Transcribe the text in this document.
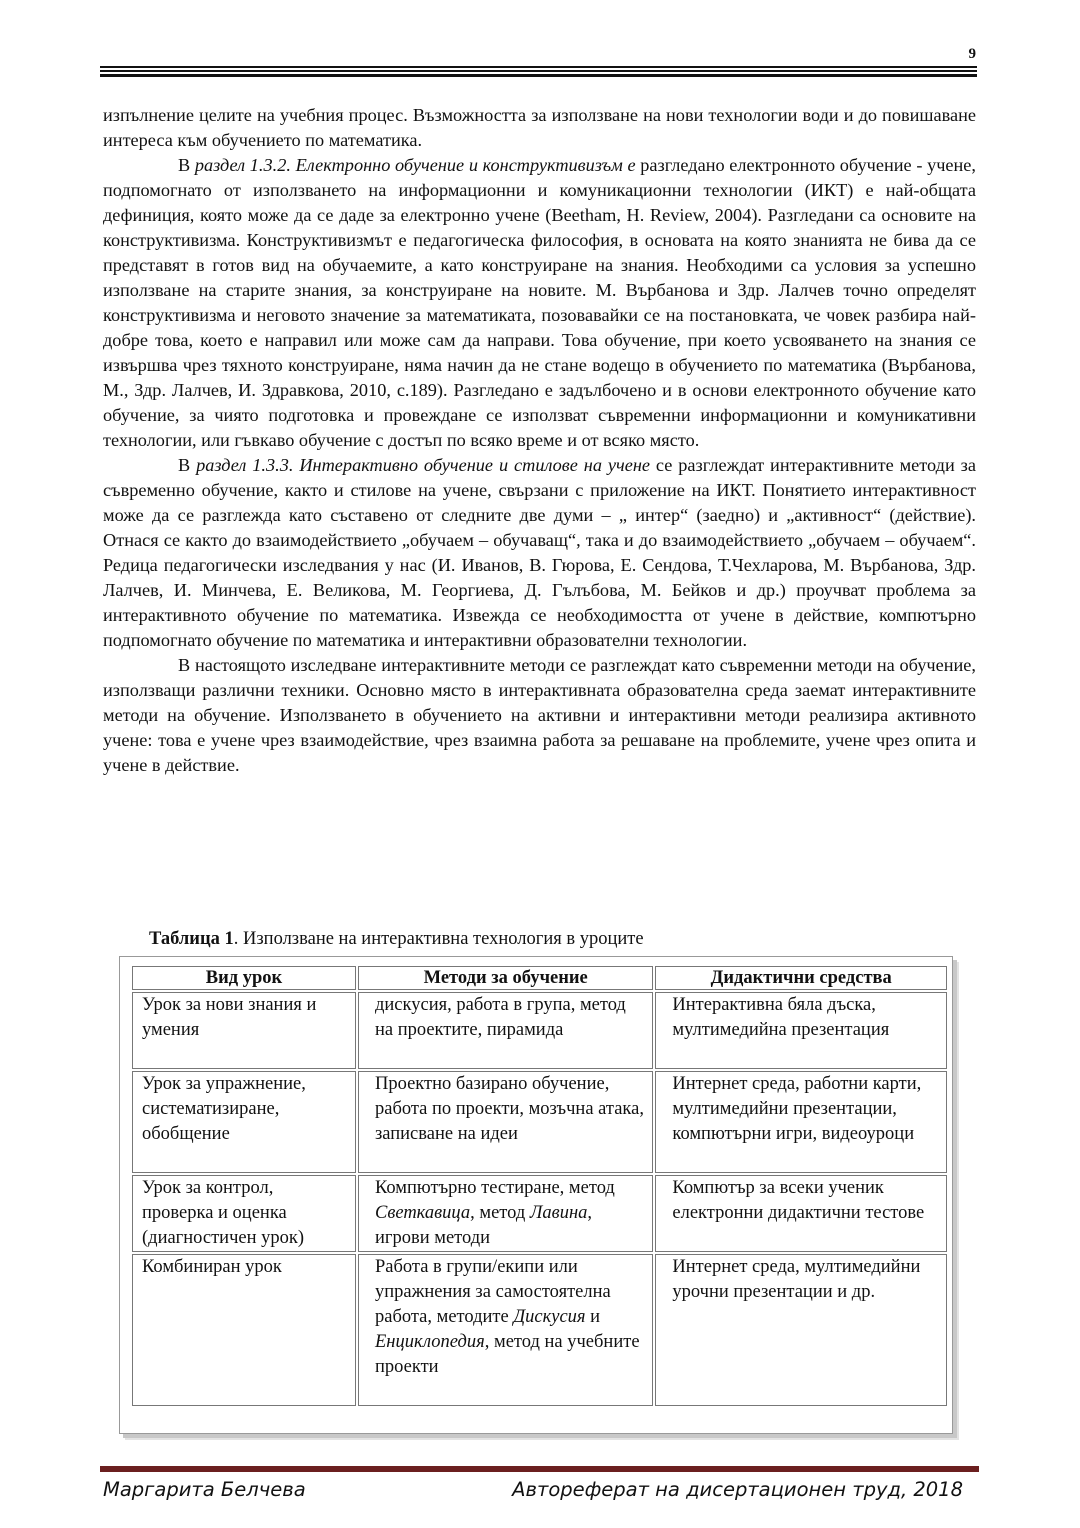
9

изпълнение целите на учебния процес. Възможността за използване на нови технологии води и до повишаване интереса към обучението по математика.

В раздел 1.3.2. Електронно обучение и конструктивизъм е разгледано електронното обучение - учене, подпомогнато от използването на информационни и комуникационни технологии (ИКТ) е най-общата дефиниция, която може да се даде за електронно учене (Beetham, H. Review, 2004). Разгледани са основите на конструктивизма. Конструктивизмът е педагогическа философия, в основата на която знанията не бива да се представят в готов вид на обучаемите, а като конструиране на знания. Необходими са условия за успешно използване на старите знания, за конструиране на новите. М. Върбанова и Здр. Лалчев точно определят конструктивизма и неговото значение за математиката, позовавайки се на постановката, че човек разбира най-добре това, което е направил или може сам да направи. Това обучение, при което усвояването на знания се извършва чрез тяхното конструиране, няма начин да не стане водещо в обучението по математика (Върбанова, М., Здр. Лалчев, И. Здравкова, 2010, с.189). Разгледано е задълбочено и в основи електронното обучение като обучение, за чиято подготовка и провеждане се използват съвременни информационни и комуникативни технологии, или гъвкаво обучение с достъп по всяко време и от всяко място.

В раздел 1.3.3. Интерактивно обучение и стилове на учене се разглеждат интерактивните методи за съвременно обучение, както и стилове на учене, свързани с приложение на ИКТ. Понятието интерактивност може да се разглежда като съставено от следните две думи – „ интер“ (заедно) и „активност“ (действие). Отнася се както до взаимодействието „обучаем – обучаващ“, така и до взаимодействието „обучаем – обучаем“. Редица педагогически изследвания у нас (И. Иванов, В. Гюрова, Е. Сендова, Т.Чехларова, М. Върбанова, Здр. Лалчев, И. Минчева, Е. Великова, М. Георгиева, Д. Гълъбова, М. Бейков и др.) проучват проблема за интерактивното обучение по математика. Извежда се необходимостта от учене в действие, компютърно подпомогнато обучение по математика и интерактивни образователни технологии.

В настоящото изследване интерактивните методи се разглеждат като съвременни методи на обучение, използващи различни техники. Основно място в интерактивната образователна среда заемат интерактивните методи на обучение. Използването в обучението на активни и интерактивни методи реализира активното учене: това е учене чрез взаимодействие, чрез взаимна работа за решаване на проблемите, учене чрез опита и учене в действие.

Таблица 1. Използване на интерактивна технология в уроците
Вид урок	Методи за обучение	Дидактични средства
Урок за нови знания и умения	дискусия, работа в група, метод на проектите, пирамида	Интерактивна бяла дъска, мултимедийна презентация
Урок за упражнение, систематизиране, обобщение	Проектно базирано обучение, работа по проекти, мозъчна атака, записване на идеи	Интернет среда, работни карти, мултимедийни презентации, компютърни игри, видеоуроци
Урок за контрол, проверка и оценка (диагностичен урок)	Компютърно тестиране, метод Светкавица, метод Лавина, игрови методи	Компютър за всеки ученик електронни дидактични тестове
Комбиниран урок	Работа в групи/екипи или упражнения за самостоятелна работа, методите Дискусия и Енциклопедия, метод на учебните проекти	Интернет среда, мултимедийни урочни презентации и др.
Маргарита Белчева	Автореферат на дисертационен труд, 2018
